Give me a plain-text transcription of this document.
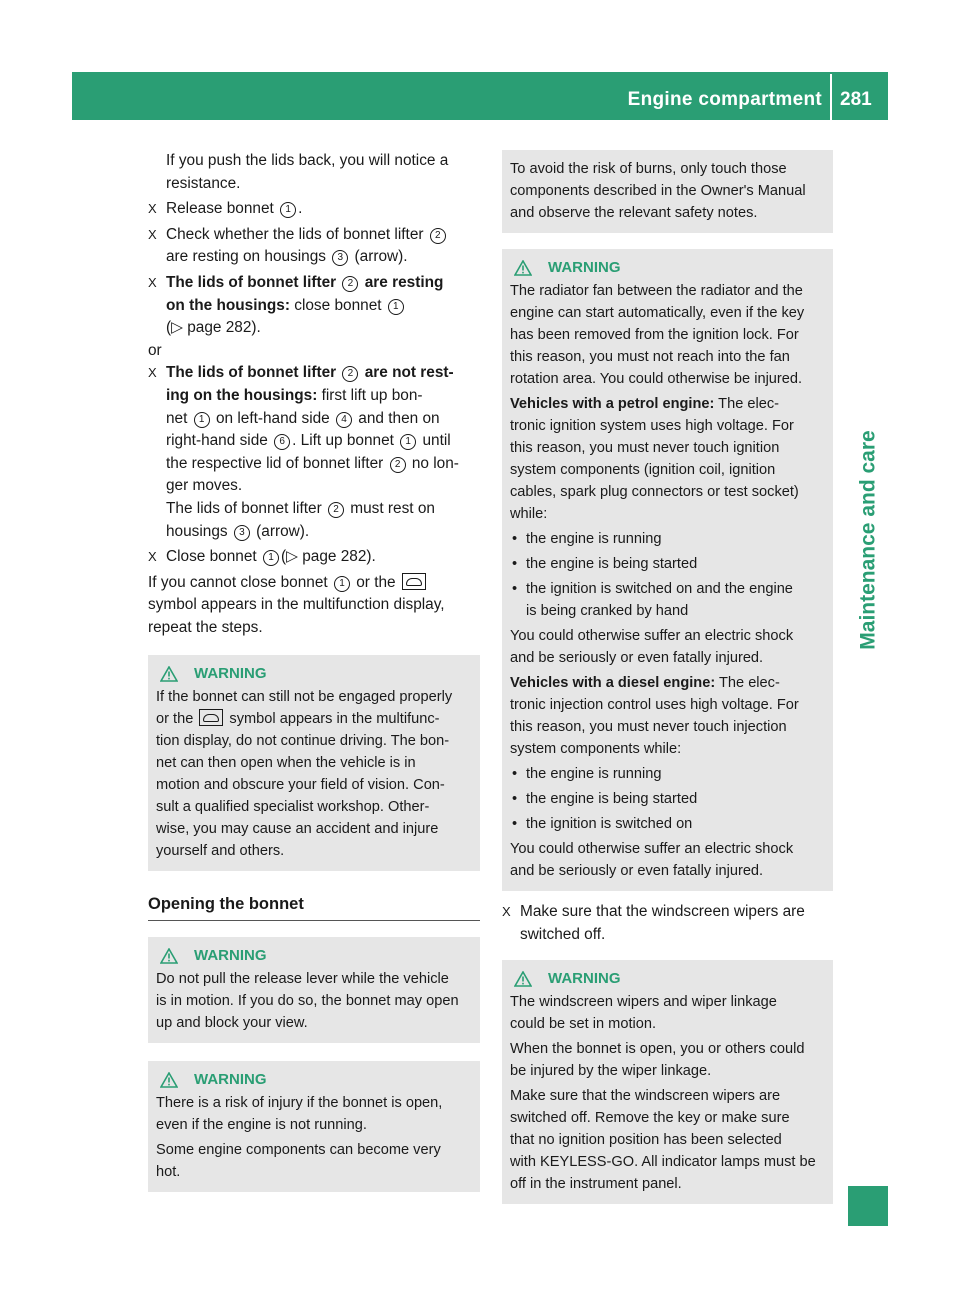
Engine compartment 281
Maintenance and care

If you push the lids back, you will notice a

resistance.

X Release bonnet 1 .

X Check whether the lids of bonnet lifter 2

are resting on housings 3 (arrow).

X The lids of bonnet lifter 2 are resting

on the housings: close bonnet 1

(▷ page 282).

or

X The lids of bonnet lifter 2 are not rest-

ing on the housings: first lift up bon-

net 1 on left-hand side 4 and then on

right-hand side 6 . Lift up bonnet 1 until

the respective lid of bonnet lifter 2 no lon-

ger moves.

The lids of bonnet lifter 2 must rest on

housings 3 (arrow).

X Close bonnet 1 (▷ page 282).

If you cannot close bonnet 1 or the

symbol appears in the multifunction display,

repeat the steps.

WARNING

If the bonnet can still not be engaged properly

or the  symbol appears in the multifunc-

tion display, do not continue driving. The bon-

net can then open when the vehicle is in

motion and obscure your field of vision. Con-

sult a qualified specialist workshop. Other-

wise, you may cause an accident and injure

yourself and others.

Opening the bonnet
WARNING

Do not pull the release lever while the vehicle

is in motion. If you do so, the bonnet may open

up and block your view.

WARNING

There is a risk of injury if the bonnet is open,

even if the engine is not running.

Some engine components can become very

hot.

To avoid the risk of burns, only touch those

components described in the Owner's Manual

and observe the relevant safety notes.

WARNING

The radiator fan between the radiator and the

engine can start automatically, even if the key

has been removed from the ignition lock. For

this reason, you must not reach into the fan

rotation area. You could otherwise be injured.

Vehicles with a petrol engine: The elec-

tronic ignition system uses high voltage. For

this reason, you must never touch ignition

system components (ignition coil, ignition

cables, spark plug connectors or test socket)

while:

• the engine is running

• the engine is being started

• the ignition is switched on and the engine

is being cranked by hand

You could otherwise suffer an electric shock

and be seriously or even fatally injured.

Vehicles with a diesel engine: The elec-

tronic injection control uses high voltage. For

this reason, you must never touch injection

system components while:

• the engine is running

• the engine is being started

• the ignition is switched on

You could otherwise suffer an electric shock

and be seriously or even fatally injured.

X Make sure that the windscreen wipers are

switched off.

WARNING

The windscreen wipers and wiper linkage

could be set in motion.

When the bonnet is open, you or others could

be injured by the wiper linkage.

Make sure that the windscreen wipers are

switched off. Remove the key or make sure

that no ignition position has been selected

with KEYLESS-GO. All indicator lamps must be

off in the instrument panel.
